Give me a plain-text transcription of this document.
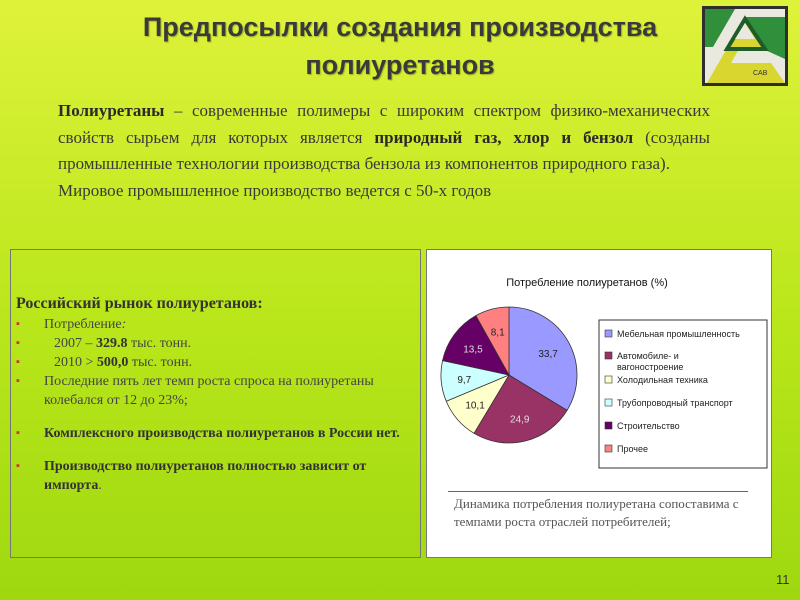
Предпосылки создания производства
полиуретанов	CAB
Полиуретаны – современные полимеры с широким спектром физико-механических свойств сырьем для которых является природный газ, хлор и бензол (созданы промышленные технологии производства бензола из компонентов природного газа).
Мировое промышленное производство ведется с 50-х годов
Российский рынок полиуретанов:
▪ Потребление:
▪ 2007 – 329.8 тыс. тонн.
▪ 2010 > 500,0 тыс. тонн.
▪ Последние пять лет темп роста спроса на полиуретаны колебался от 12 до 23%;
▪ Комплексного производства полиуретанов в России нет.
▪ Производство полиуретанов полностью зависит от импорта.
Потребление полиуретанов (%)
33,7
24,9
10,1
9,7
13,5
8,1	Мебельная промышленность
Автомобиле- и вагоностроение
Холодильная техника
Трубопроводный транспорт
Строительство
Прочее
Динамика потребления полиуретана сопоставима с темпами роста отраслей потребителей;
11
